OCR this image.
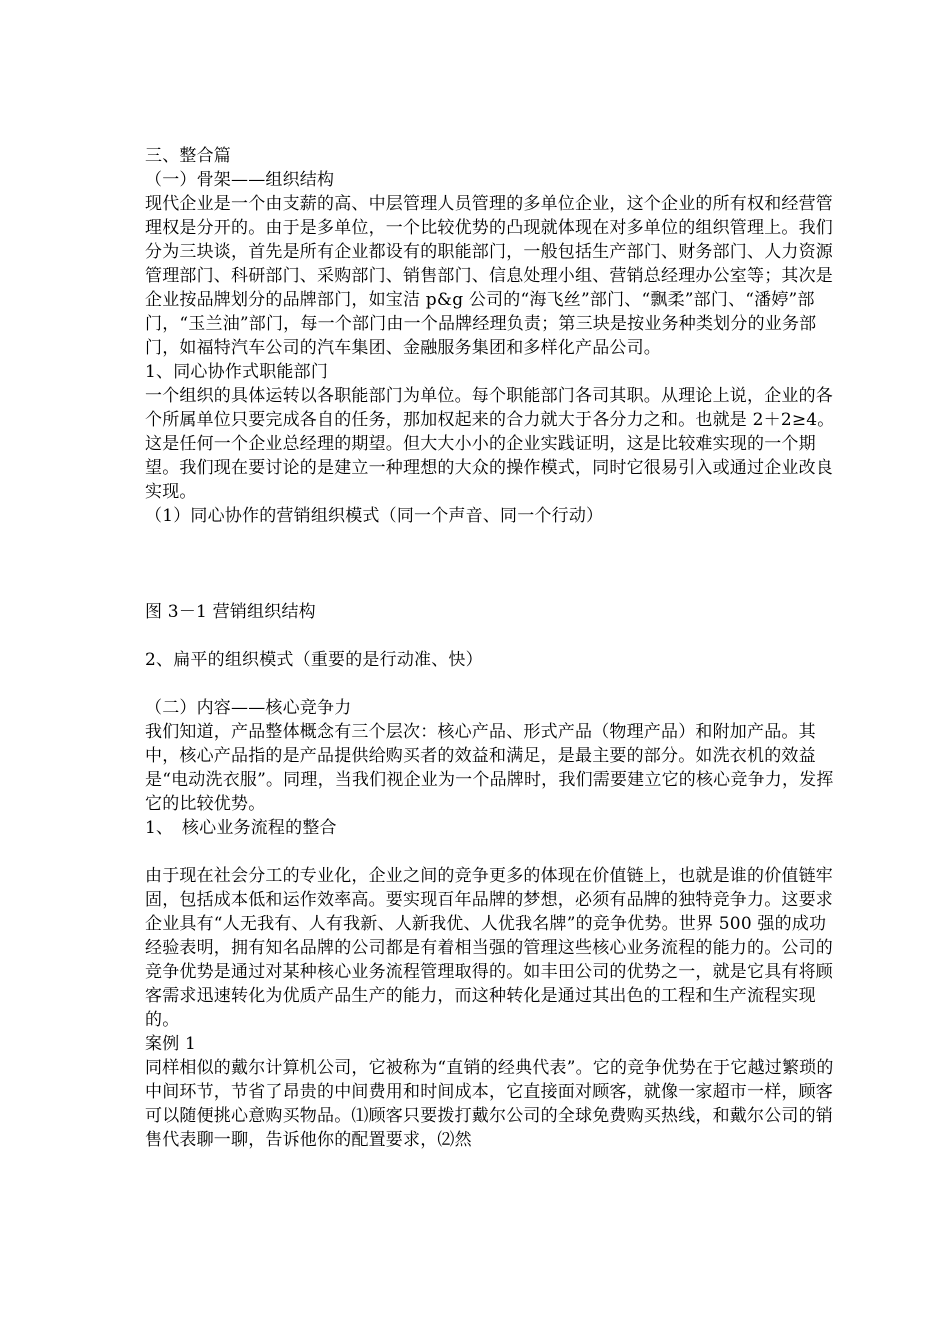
三、整合篇

（一）骨架——组织结构

现代企业是一个由支薪的高、中层管理人员管理的多单位企业，这个企业的所有权和经营管理权是分开的。由于是多单位，一个比较优势的凸现就体现在对多单位的组织管理上。我们分为三块谈，首先是所有企业都设有的职能部门，一般包括生产部门、财务部门、人力资源管理部门、科研部门、采购部门、销售部门、信息处理小组、营销总经理办公室等；其次是企业按品牌划分的品牌部门，如宝洁 p&g 公司的“海飞丝”部门、“飘柔”部门、“潘婷”部门，“玉兰油”部门，每一个部门由一个品牌经理负责；第三块是按业务种类划分的业务部门，如福特汽车公司的汽车集团、金融服务集团和多样化产品公司。

1、同心协作式职能部门

一个组织的具体运转以各职能部门为单位。每个职能部门各司其职。从理论上说，企业的各个所属单位只要完成各自的任务，那加权起来的合力就大于各分力之和。也就是 2＋2≥4。这是任何一个企业总经理的期望。但大大小小的企业实践证明，这是比较难实现的一个期望。我们现在要讨论的是建立一种理想的大众的操作模式，同时它很易引入或通过企业改良实现。

（1）同心协作的营销组织模式（同一个声音、同一个行动）

图 3－1 营销组织结构

2、扁平的组织模式（重要的是行动准、快）

（二）内容——核心竞争力

我们知道，产品整体概念有三个层次：核心产品、形式产品（物理产品）和附加产品。其中，核心产品指的是产品提供给购买者的效益和满足，是最主要的部分。如洗衣机的效益是“电动洗衣服”。同理，当我们视企业为一个品牌时，我们需要建立它的核心竞争力，发挥它的比较优势。

1、　核心业务流程的整合

由于现在社会分工的专业化，企业之间的竞争更多的体现在价值链上，也就是谁的价值链牢固，包括成本低和运作效率高。要实现百年品牌的梦想，必须有品牌的独特竞争力。这要求企业具有“人无我有、人有我新、人新我优、人优我名牌”的竞争优势。世界 500 强的成功经验表明，拥有知名品牌的公司都是有着相当强的管理这些核心业务流程的能力的。公司的竞争优势是通过对某种核心业务流程管理取得的。如丰田公司的优势之一，就是它具有将顾客需求迅速转化为优质产品生产的能力，而这种转化是通过其出色的工程和生产流程实现的。

案例 1

同样相似的戴尔计算机公司，它被称为“直销的经典代表”。它的竞争优势在于它越过繁琐的中间环节，节省了昂贵的中间费用和时间成本，它直接面对顾客，就像一家超市一样，顾客可以随便挑心意购买物品。⑴顾客只要拨打戴尔公司的全球免费购买热线，和戴尔公司的销售代表聊一聊，告诉他你的配置要求，⑵然
